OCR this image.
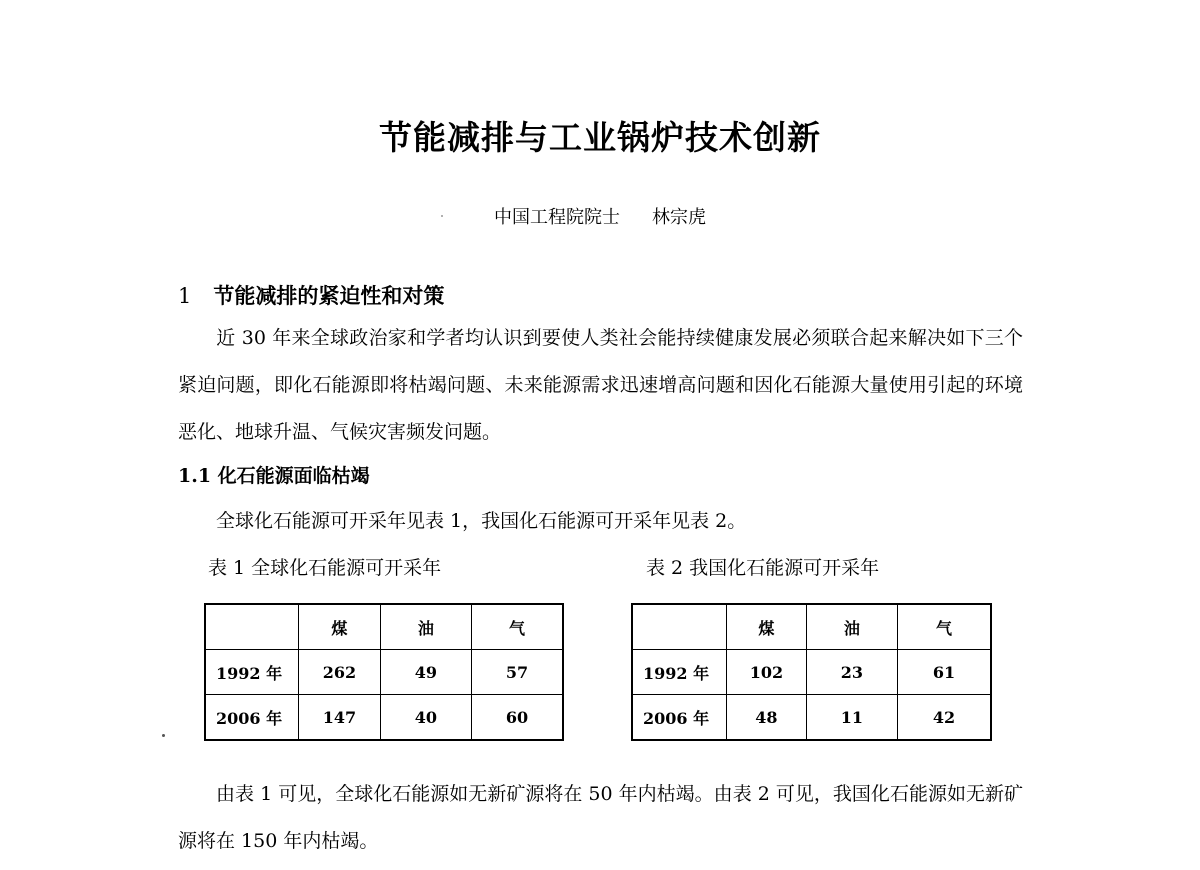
节能减排与工业锅炉技术创新
中国工程院院士 林宗虎
1 节能减排的紧迫性和对策
近 30 年来全球政治家和学者均认识到要使人类社会能持续健康发展必须联合起来解决如下三个紧迫问题，即化石能源即将枯竭问题、未来能源需求迅速增高问题和因化石能源大量使用引起的环境恶化、地球升温、气候灾害频发问题。
1.1 化石能源面临枯竭
全球化石能源可开采年见表 1，我国化石能源可开采年见表 2。
表 1 全球化石能源可开采年	表 2 我国化石能源可开采年
	煤	油	气
1992 年	262	49	57
2006 年	147	40	60
	煤	油	气
1992 年	102	23	61
2006 年	48	11	42
由表 1 可见，全球化石能源如无新矿源将在 50 年内枯竭。由表 2 可见，我国化石能源如无新矿源将在 150 年内枯竭。
